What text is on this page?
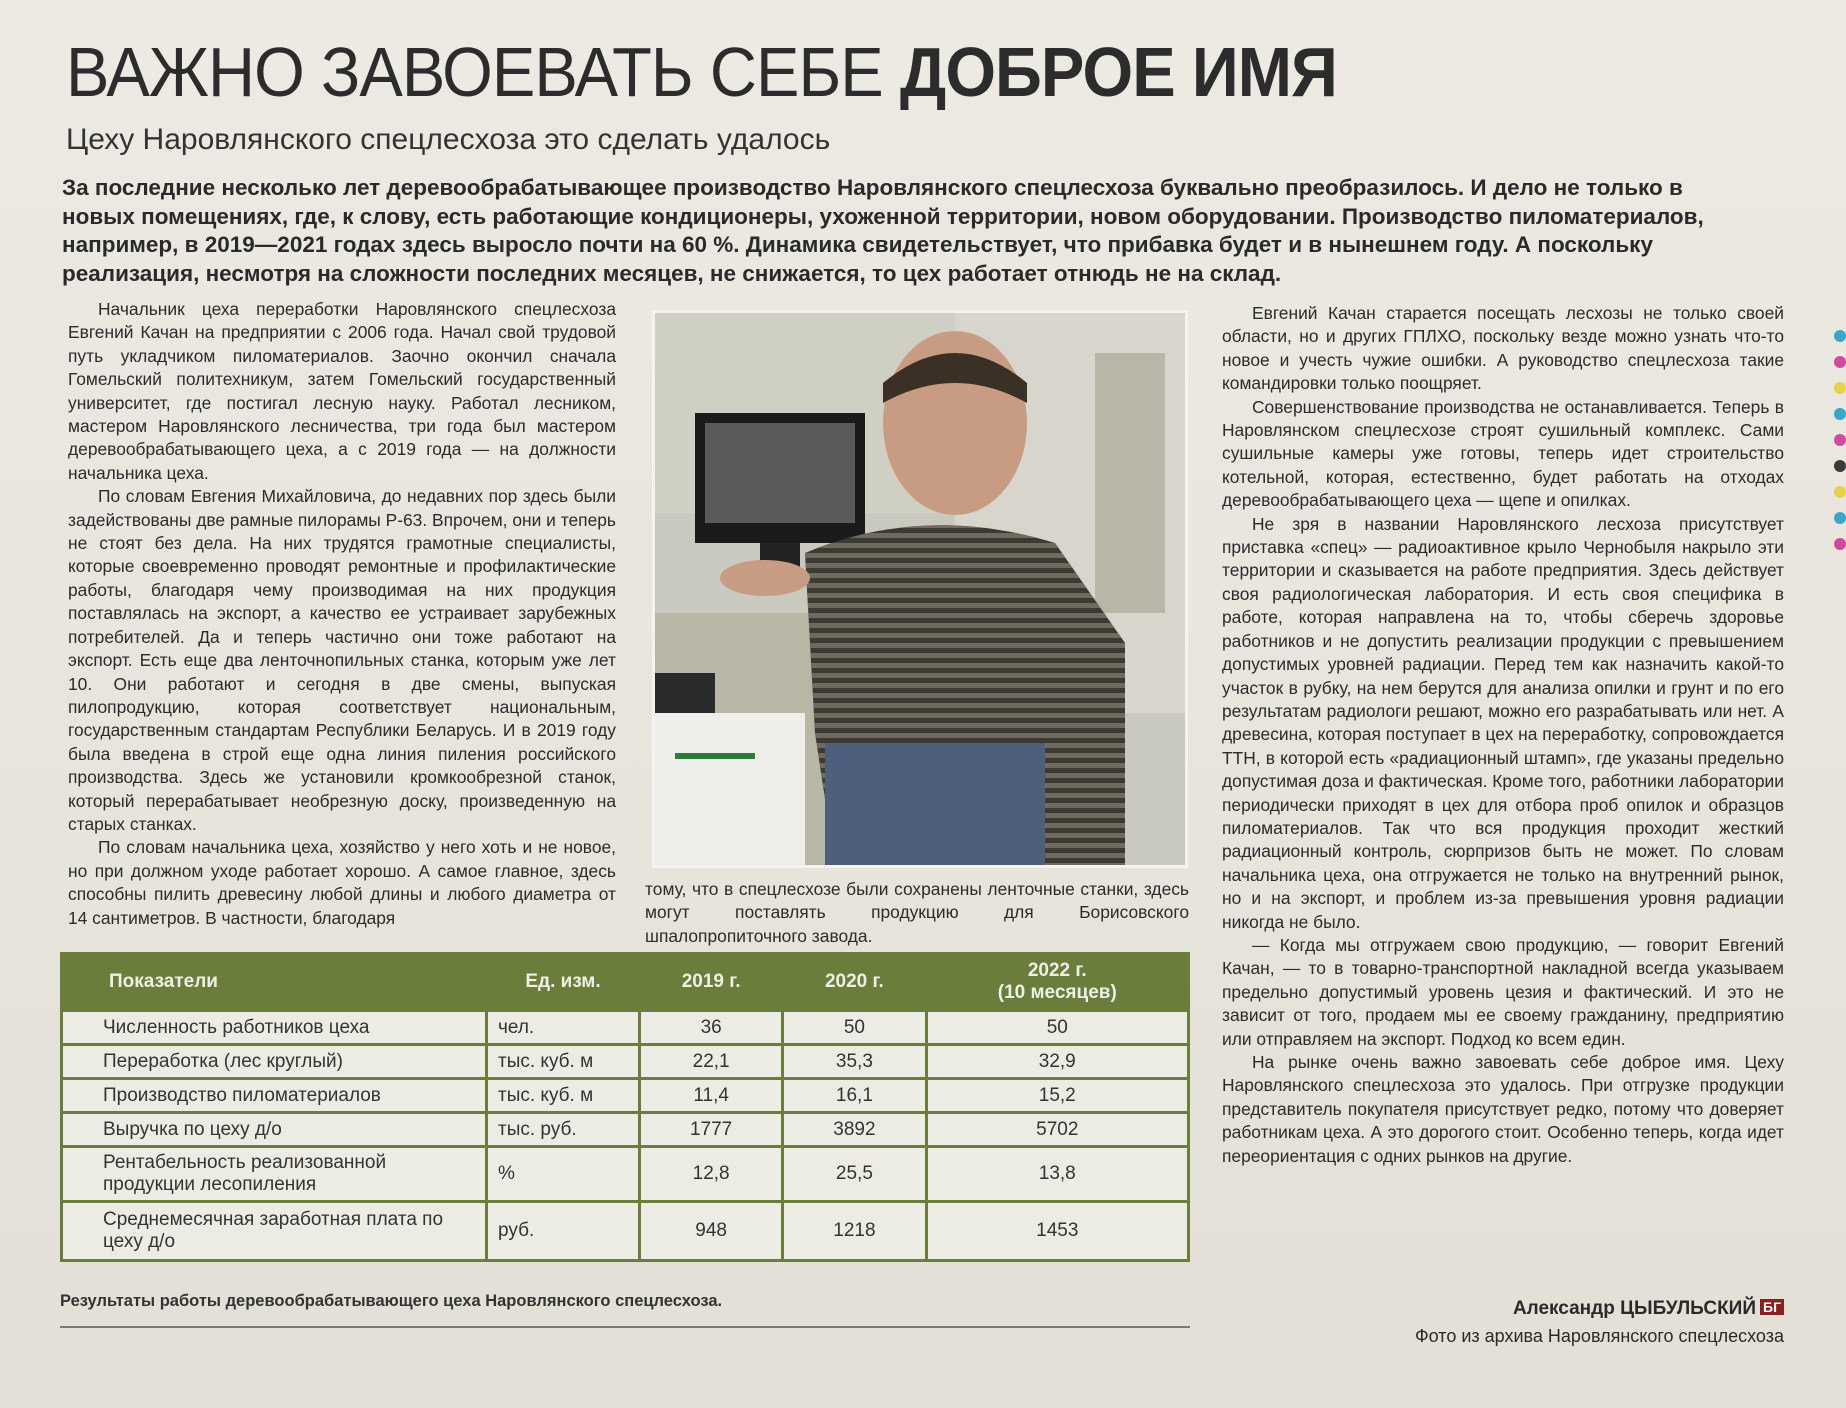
ВАЖНО ЗАВОЕВАТЬ СЕБЕ ДОБРОЕ ИМЯ
Цеху Наровлянского спецлесхоза это сделать удалось

За последние несколько лет деревообрабатывающее производство Наровлянского спецлесхоза буквально преобразилось. И дело не только в новых помещениях, где, к слову, есть работающие кондиционеры, ухоженной территории, новом оборудовании. Производство пиломатериалов, например, в 2019—2021 годах здесь выросло почти на 60 %. Динамика свидетельствует, что прибавка будет и в нынешнем году. А поскольку реализация, несмотря на сложности последних месяцев, не снижается, то цех работает отнюдь не на склад.

Начальник цеха переработки Наровлянского спецлесхоза Евгений Качан на предприятии с 2006 года. Начал свой трудовой путь укладчиком пиломатериалов. Заочно окончил сначала Гомельский политехникум, затем Гомельский государственный университет, где постигал лесную науку. Работал лесником, мастером Наровлянского лесничества, три года был мастером деревообрабатывающего цеха, а с 2019 года — на должности начальника цеха.

По словам Евгения Михайловича, до недавних пор здесь были задействованы две рамные пилорамы Р-63. Впрочем, они и теперь не стоят без дела. На них трудятся грамотные специалисты, которые своевременно проводят ремонтные и профилактические работы, благодаря чему производимая на них продукция поставлялась на экспорт, а качество ее устраивает зарубежных потребителей. Да и теперь частично они тоже работают на экспорт. Есть еще два ленточнопильных станка, которым уже лет 10. Они работают и сегодня в две смены, выпуская пилопродукцию, которая соответствует национальным, государственным стандартам Республики Беларусь. И в 2019 году была введена в строй еще одна линия пиления российского производства. Здесь же установили кромкообрезной станок, который перерабатывает необрезную доску, произведенную на старых станках.

По словам начальника цеха, хозяйство у него хоть и не новое, но при должном уходе работает хорошо. А самое главное, здесь способны пилить древесину любой длины и любого диаметра от 14 сантиметров. В частности, благодаря

тому, что в спецлесхозе были сохранены ленточные станки, здесь могут поставлять продукцию для Борисовского шпалопропиточного завода.

Евгений Качан старается посещать лесхозы не только своей области, но и других ГПЛХО, поскольку везде можно узнать что-то новое и учесть чужие ошибки. А руководство спецлесхоза такие командировки только поощряет.

Совершенствование производства не останавливается. Теперь в Наровлянском спецлесхозе строят сушильный комплекс. Сами сушильные камеры уже готовы, теперь идет строительство котельной, которая, естественно, будет работать на отходах деревообрабатывающего цеха — щепе и опилках.

Не зря в названии Наровлянского лесхоза присутствует приставка «спец» — радиоактивное крыло Чернобыля накрыло эти территории и сказывается на работе предприятия. Здесь действует своя радиологическая лаборатория. И есть своя специфика в работе, которая направлена на то, чтобы сберечь здоровье работников и не допустить реализации продукции с превышением допустимых уровней радиации. Перед тем как назначить какой-то участок в рубку, на нем берутся для анализа опилки и грунт и по его результатам радиологи решают, можно его разрабатывать или нет. А древесина, которая поступает в цех на переработку, сопровождается ТТН, в которой есть «радиационный штамп», где указаны предельно допустимая доза и фактическая. Кроме того, работники лаборатории периодически приходят в цех для отбора проб опилок и образцов пиломатериалов. Так что вся продукция проходит жесткий радиационный контроль, сюрпризов быть не может. По словам начальника цеха, она отгружается не только на внутренний рынок, но и на экспорт, и проблем из-за превышения уровня радиации никогда не было.

— Когда мы отгружаем свою продукцию, — говорит Евгений Качан, — то в товарно-транспортной накладной всегда указываем предельно допустимый уровень цезия и фактический. И это не зависит от того, продаем мы ее своему гражданину, предприятию или отправляем на экспорт. Подход ко всем един.

На рынке очень важно завоевать себе доброе имя. Цеху Наровлянского спецлесхоза это удалось. При отгрузке продукции представитель покупателя присутствует редко, потому что доверяет работникам цеха. А это дорогого стоит. Особенно теперь, когда идет переориентация с одних рынков на другие.

Показатели	Ед. изм.	2019 г.	2020 г.	2022 г.
(10 месяцев)
Численность работников цеха	чел.	36	50	50
Переработка (лес круглый)	тыс. куб. м	22,1	35,3	32,9
Производство пиломатериалов	тыс. куб. м	11,4	16,1	15,2
Выручка по цеху д/о	тыс. руб.	1777	3892	5702
Рентабельность реализованной продукции лесопиления	%	12,8	25,5	13,8
Среднемесячная заработная плата по цеху д/о	руб.	948	1218	1453

Результаты работы деревообрабатывающего цеха Наровлянского спецлесхоза.	Александр ЦЫБУЛЬСКИЙ БГ

Фото из архива Наровлянского спецлесхоза
